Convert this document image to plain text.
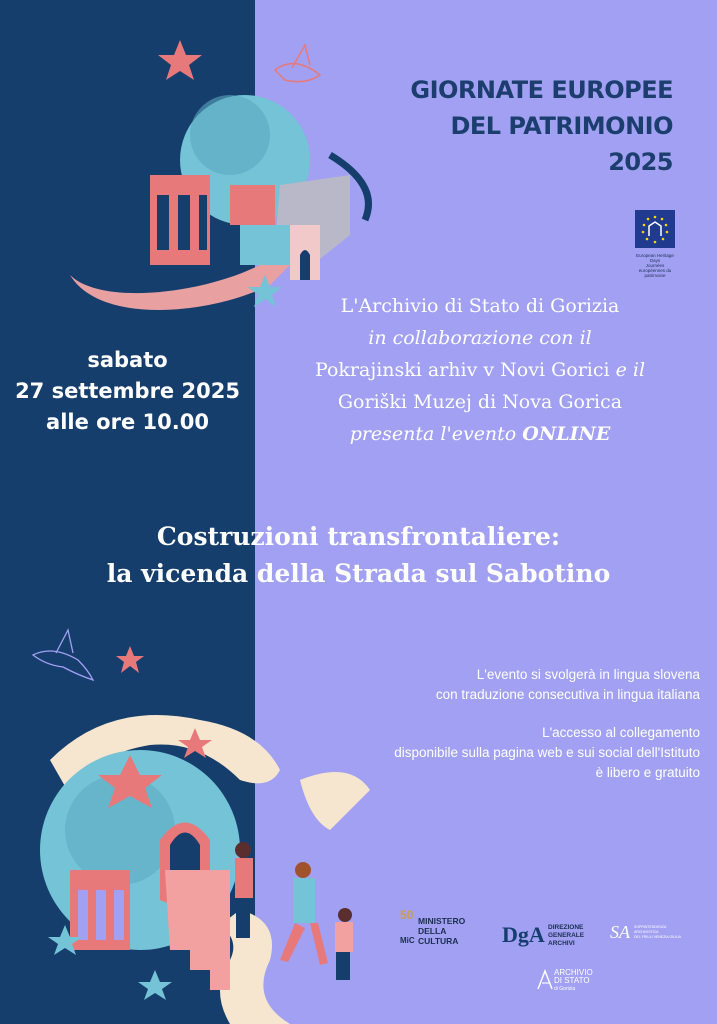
GIORNATE EUROPEE
DEL PATRIMONIO
2025
European Heritage Days
Journées européennes du patrimoine
L'Archivio di Stato di Gorizia
in collaborazione con il
Pokrajinski arhiv v Novi Gorici e il
Goriški Muzej di Nova Gorica
presenta l'evento ONLINE
sabato
27 settembre 2025
alle ore 10.00
Costruzioni transfrontaliere:
la vicenda della Strada sul Sabotino

L'evento si svolgerà in lingua slovena
con traduzione consecutiva in lingua italiana

L'accesso al collegamento
disponibile sulla pagina web e sui social dell'Istituto
è libero e gratuito

50
MiC
MINISTERO
DELLA
CULTURA	DgA DIREZIONE
GENERALE
ARCHIVI
SA SOPRINTENDENZA
ARCHIVISTICA
DEL FRIULI VENEZIA GIULIA
ARCHIVIO
DI STATO
di Gorizia
